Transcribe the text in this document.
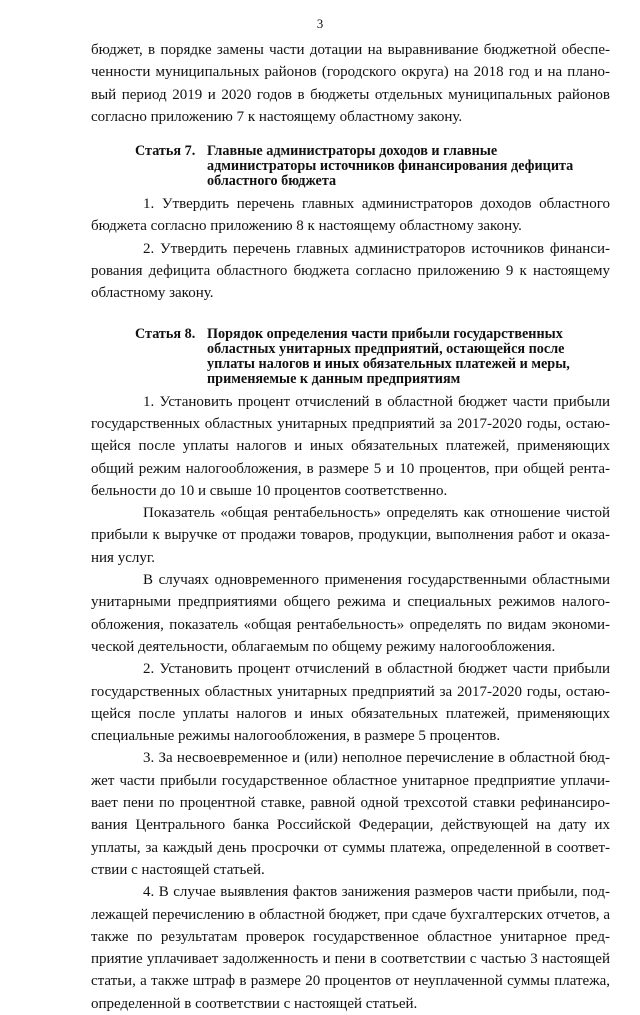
3

бюджет, в порядке замены части дотации на выравнивание бюджетной обеспеченности муниципальных районов (городского округа) на 2018 год и на плановый период 2019 и 2020 годов в бюджеты отдельных муниципальных районов согласно приложению 7 к настоящему областному закону.

Статья 7. Главные администраторы доходов и главные администраторы источников финансирования дефицита областного бюджета

1. Утвердить перечень главных администраторов доходов областного бюджета согласно приложению 8 к настоящему областному закону.

2. Утвердить перечень главных администраторов источников финансирования дефицита областного бюджета согласно приложению 9 к настоящему областному закону.

Статья 8. Порядок определения части прибыли государственных областных унитарных предприятий, остающейся после уплаты налогов и иных обязательных платежей и меры, применяемые к данным предприятиям

1. Установить процент отчислений в областной бюджет части прибыли государственных областных унитарных предприятий за 2017-2020 годы, остающейся после уплаты налогов и иных обязательных платежей, применяющих общий режим налогообложения, в размере 5 и 10 процентов, при общей рентабельности до 10 и свыше 10 процентов соответственно.

Показатель «общая рентабельность» определять как отношение чистой прибыли к выручке от продажи товаров, продукции, выполнения работ и оказания услуг.

В случаях одновременного применения государственными областными унитарными предприятиями общего режима и специальных режимов налогообложения, показатель «общая рентабельность» определять по видам экономической деятельности, облагаемым по общему режиму налогообложения.

2. Установить процент отчислений в областной бюджет части прибыли государственных областных унитарных предприятий за 2017-2020 годы, остающейся после уплаты налогов и иных обязательных платежей, применяющих специальные режимы налогообложения, в размере 5 процентов.

3. За несвоевременное и (или) неполное перечисление в областной бюджет части прибыли государственное областное унитарное предприятие уплачивает пени по процентной ставке, равной одной трехсотой ставки рефинансирования Центрального банка Российской Федерации, действующей на дату их уплаты, за каждый день просрочки от суммы платежа, определенной в соответствии с настоящей статьей.

4. В случае выявления фактов занижения размеров части прибыли, подлежащей перечислению в областной бюджет, при сдаче бухгалтерских отчетов, а также по результатам проверок государственное областное унитарное предприятие уплачивает задолженность и пени в соответствии с частью 3 настоящей статьи, а также штраф в размере 20 процентов от неуплаченной суммы платежа, определенной в соответствии с настоящей статьей.
